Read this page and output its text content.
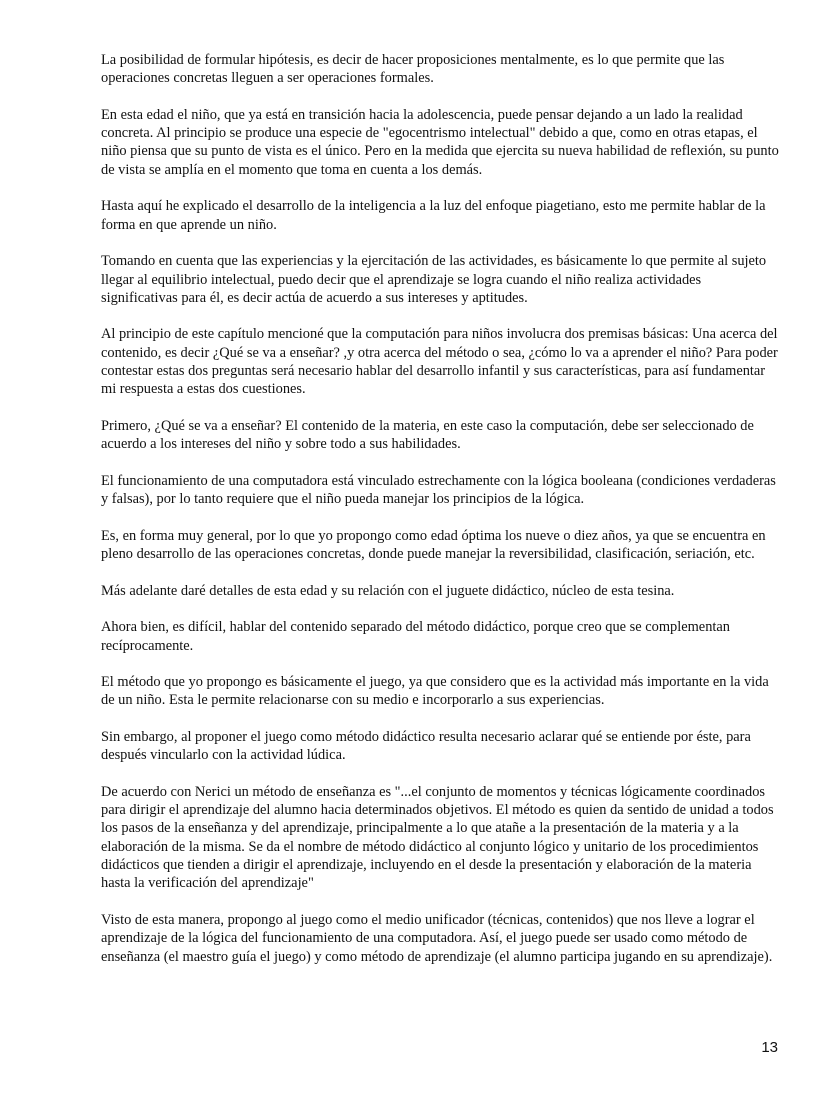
La posibilidad de formular hipótesis, es decir de hacer proposiciones mentalmente, es lo que permite que las operaciones concretas lleguen a ser operaciones formales.

En esta edad el niño, que ya está en transición hacia la adolescencia, puede pensar dejando a un lado la realidad concreta. Al principio se produce una especie de "egocentrismo intelectual" debido a que, como en otras etapas, el niño piensa que su punto de vista es el único. Pero en la medida que ejercita su nueva habilidad de reflexión, su punto de vista se amplía en el momento que toma en cuenta a los demás.

Hasta aquí he explicado el desarrollo de la inteligencia a la luz del enfoque piagetiano, esto me permite hablar de la forma en que aprende un niño.

Tomando en cuenta que las experiencias y la ejercitación de las actividades, es básicamente lo que permite al sujeto llegar al equilibrio intelectual, puedo decir que el aprendizaje se logra cuando el niño realiza actividades significativas para él, es decir actúa de acuerdo a sus intereses y aptitudes.

Al principio de este capítulo mencioné que la computación para niños involucra dos premisas básicas: Una acerca del contenido, es decir ¿Qué se va a enseñar? ,y otra acerca del método o sea, ¿cómo lo va a aprender el niño? Para poder contestar estas dos preguntas será necesario hablar del desarrollo infantil y sus características, para así fundamentar mi respuesta a estas dos cuestiones.

Primero, ¿Qué se va a enseñar? El contenido de la materia, en este caso la computación, debe ser seleccionado de acuerdo a los intereses del niño y sobre todo a sus habilidades.

El funcionamiento de una computadora está vinculado estrechamente con la lógica booleana (condiciones verdaderas y falsas), por lo tanto requiere que el niño pueda manejar los principios de la lógica.

Es, en forma muy general, por lo que yo propongo como edad óptima los nueve o diez años, ya que se encuentra en pleno desarrollo de las operaciones concretas, donde puede manejar la reversibilidad, clasificación, seriación, etc.

Más adelante daré detalles de esta edad y su relación con el juguete didáctico, núcleo de esta tesina.

Ahora bien, es difícil, hablar del contenido separado del método didáctico, porque creo que se complementan recíprocamente.

El método que yo propongo es básicamente el juego, ya que considero que es la actividad más importante en la vida de un niño. Esta le permite relacionarse con su medio e incorporarlo a sus experiencias.

Sin embargo, al proponer el juego como método didáctico resulta necesario aclarar qué se entiende por éste, para después vincularlo con la actividad lúdica.

De acuerdo con Nerici un método de enseñanza es "...el conjunto de momentos y técnicas lógicamente coordinados para dirigir el aprendizaje del alumno hacia determinados objetivos. El método es quien da sentido de unidad a todos los pasos de la enseñanza y del aprendizaje, principalmente a lo que atañe a la presentación de la materia y a la elaboración de la misma. Se da el nombre de método didáctico al conjunto lógico y unitario de los procedimientos didácticos que tienden a dirigir el aprendizaje, incluyendo en el desde la presentación y elaboración de la materia hasta la verificación del aprendizaje"

Visto de esta manera, propongo al juego como el medio unificador (técnicas, contenidos) que nos lleve a lograr el aprendizaje de la lógica del funcionamiento de una computadora. Así, el juego puede ser usado como método de enseñanza (el maestro guía el juego) y como método de aprendizaje (el alumno participa jugando en su aprendizaje).

13
